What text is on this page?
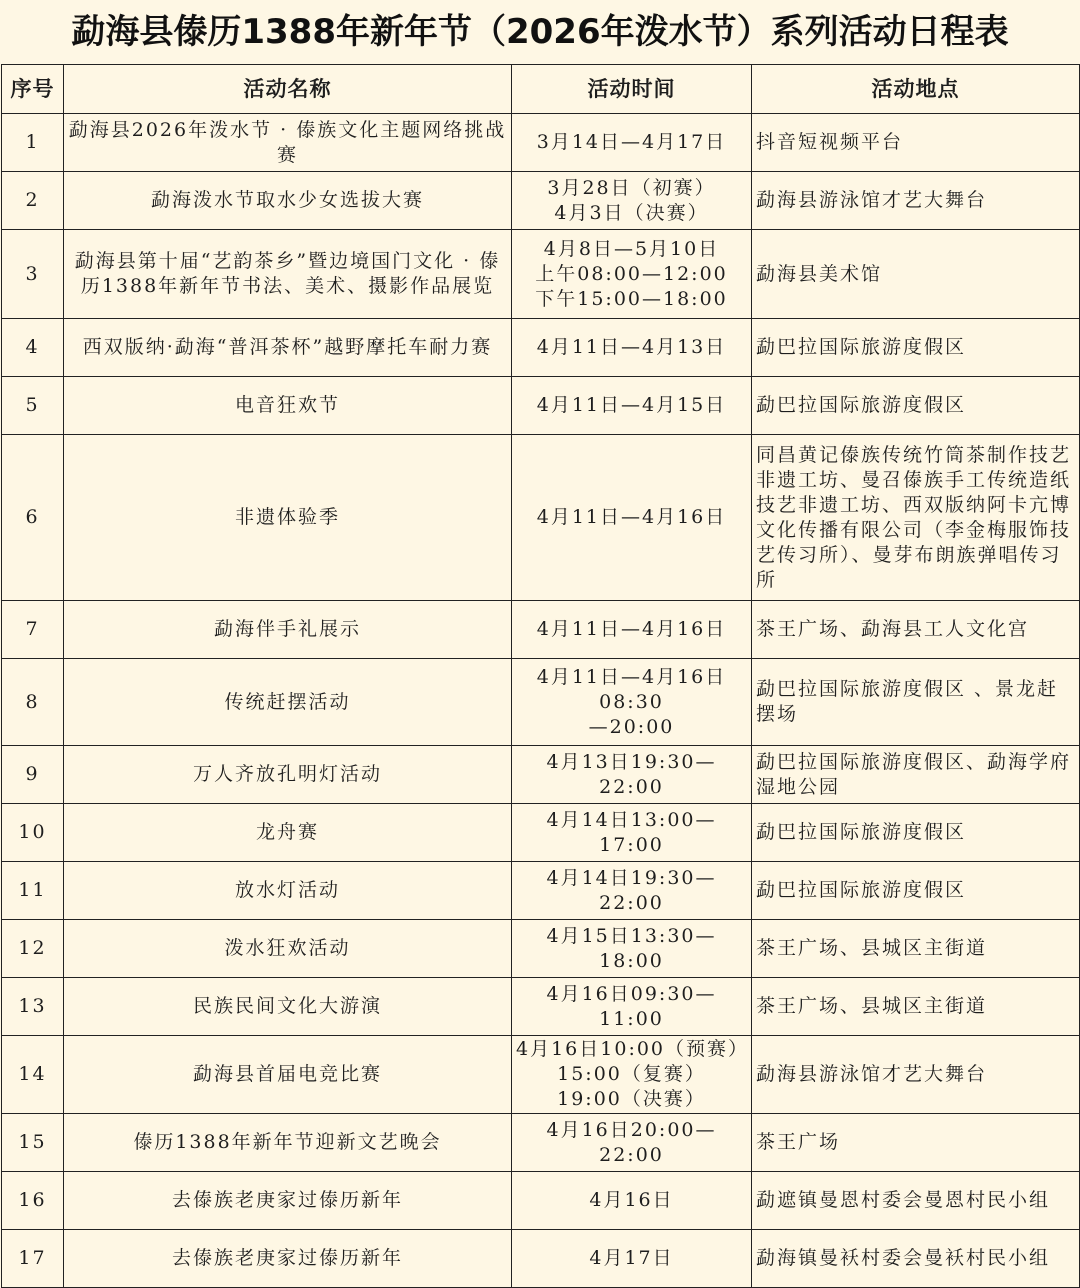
勐海县傣历1388年新年节（2026年泼水节）系列活动日程表
序号	活动名称	活动时间	活动地点
1	勐海县2026年泼水节 · 傣族文化主题网络挑战赛	3月14日—4月17日	抖音短视频平台
2	勐海泼水节取水少女选拔大赛	3月28日（初赛）
4月3日（决赛）	勐海县游泳馆才艺大舞台
3	勐海县第十届“艺韵茶乡”暨边境国门文化 · 傣历1388年新年节书法、美术、摄影作品展览	4月8日—5月10日
上午08:00—12:00
下午15:00—18:00	勐海县美术馆
4	西双版纳·勐海“普洱茶杯”越野摩托车耐力赛	4月11日—4月13日	勐巴拉国际旅游度假区
5	电音狂欢节	4月11日—4月15日	勐巴拉国际旅游度假区
6	非遗体验季	4月11日—4月16日	同昌黄记傣族传统竹筒茶制作技艺非遗工坊、曼召傣族手工传统造纸技艺非遗工坊、西双版纳阿卡亢博文化传播有限公司（李金梅服饰技艺传习所）、曼芽布朗族弹唱传习所
7	勐海伴手礼展示	4月11日—4月16日	茶王广场、勐海县工人文化宫
8	传统赶摆活动	4月11日—4月16日08:30
—20:00	勐巴拉国际旅游度假区 、景龙赶摆场
9	万人齐放孔明灯活动	4月13日19:30—22:00	勐巴拉国际旅游度假区、勐海学府湿地公园
10	龙舟赛	4月14日13:00—17:00	勐巴拉国际旅游度假区
11	放水灯活动	4月14日19:30—22:00	勐巴拉国际旅游度假区
12	泼水狂欢活动	4月15日13:30—18:00	茶王广场、县城区主街道
13	民族民间文化大游演	4月16日09:30—11:00	茶王广场、县城区主街道
14	勐海县首届电竞比赛	4月16日10:00（预赛）
15:00（复赛）
19:00（决赛）	勐海县游泳馆才艺大舞台
15	傣历1388年新年节迎新文艺晚会	4月16日20:00—22:00	茶王广场
16	去傣族老庚家过傣历新年	4月16日	勐遮镇曼恩村委会曼恩村民小组
17	去傣族老庚家过傣历新年	4月17日	勐海镇曼袄村委会曼袄村民小组
